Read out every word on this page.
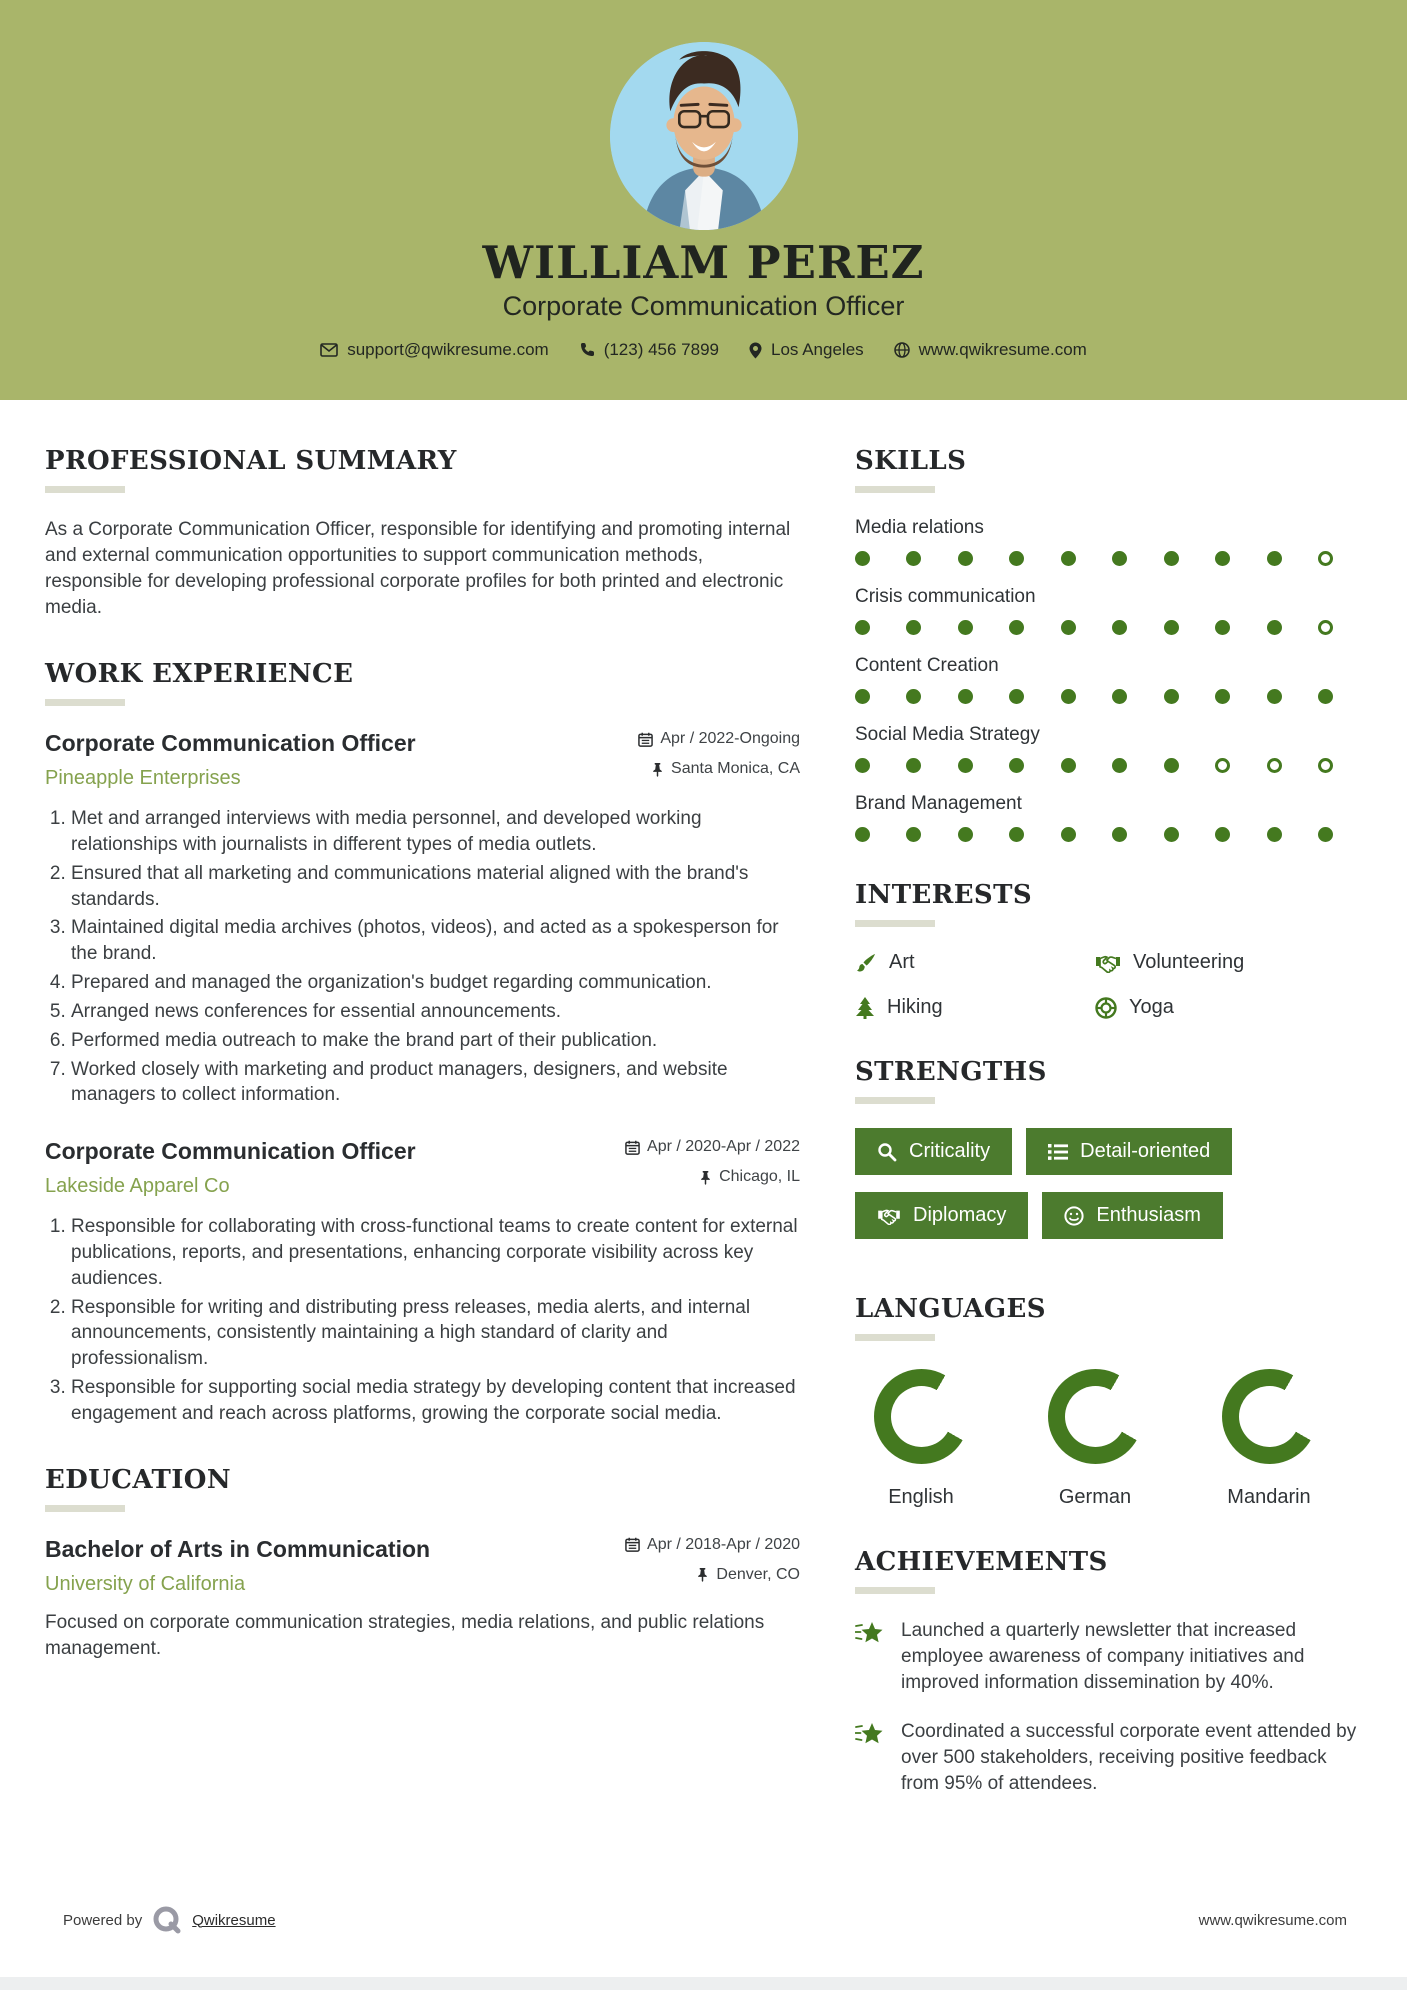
WILLIAM PEREZ
Corporate Communication Officer
support@qwikresume.com	(123) 456 7899	Los Angeles	www.qwikresume.com
PROFESSIONAL SUMMARY

As a Corporate Communication Officer, responsible for identifying and promoting internal and external communication opportunities to support communication methods, responsible for developing professional corporate profiles for both printed and electronic media.

WORK EXPERIENCE

Corporate Communication Officer

Pineapple Enterprises

Apr / 2022-Ongoing
Santa Monica, CA
1. Met and arranged interviews with media personnel, and developed working relationships with journalists in different types of media outlets.
2. Ensured that all marketing and communications material aligned with the brand's standards.
3. Maintained digital media archives (photos, videos), and acted as a spokesperson for the brand.
4. Prepared and managed the organization's budget regarding communication.
5. Arranged news conferences for essential announcements.
6. Performed media outreach to make the brand part of their publication.
7. Worked closely with marketing and product managers, designers, and website managers to collect information.

Corporate Communication Officer

Lakeside Apparel Co

Apr / 2020-Apr / 2022
Chicago, IL
1. Responsible for collaborating with cross-functional teams to create content for external publications, reports, and presentations, enhancing corporate visibility across key audiences.
2. Responsible for writing and distributing press releases, media alerts, and internal announcements, consistently maintaining a high standard of clarity and professionalism.
3. Responsible for supporting social media strategy by developing content that increased engagement and reach across platforms, growing the corporate social media.
EDUCATION

Bachelor of Arts in Communication

University of California

Apr / 2018-Apr / 2020
Denver, CO

Focused on corporate communication strategies, media relations, and public relations management.

SKILLS
Media relations
Crisis communication
Content Creation
Social Media Strategy
Brand Management
INTERESTS
Art	Volunteering
Hiking	Yoga
STRENGTHS
Criticality	Detail-oriented
Diplomacy	Enthusiasm
LANGUAGES
English	German	Mandarin
ACHIEVEMENTS
Launched a quarterly newsletter that increased employee awareness of company initiatives and improved information dissemination by 40%.
Coordinated a successful corporate event attended by over 500 stakeholders, receiving positive feedback from 95% of attendees.
Powered by	Qwikresume	www.qwikresume.com
